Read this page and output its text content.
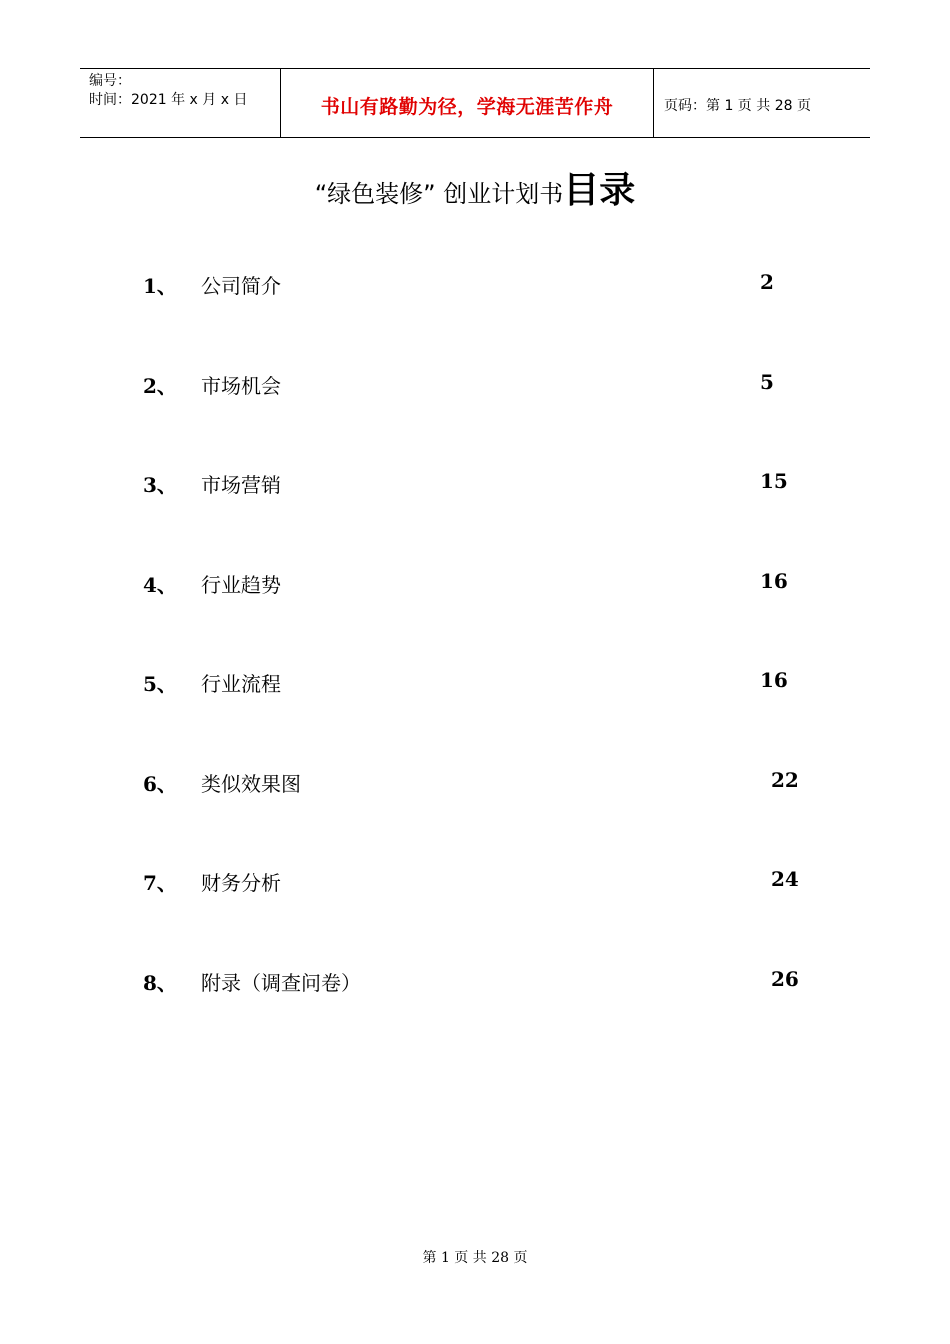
编号：
时间：2021 年 x 月 x 日	书山有路勤为径，学海无涯苦作舟	页码：第 1 页 共 28 页
“绿色装修” 创业计划书目录
1、 公司简介	2
2、 市场机会	5
3、 市场营销	15
4、 行业趋势	16
5、 行业流程	16
6、 类似效果图	22
7、 财务分析	24
8、 附录（调查问卷）	26
第 1 页 共 28 页
